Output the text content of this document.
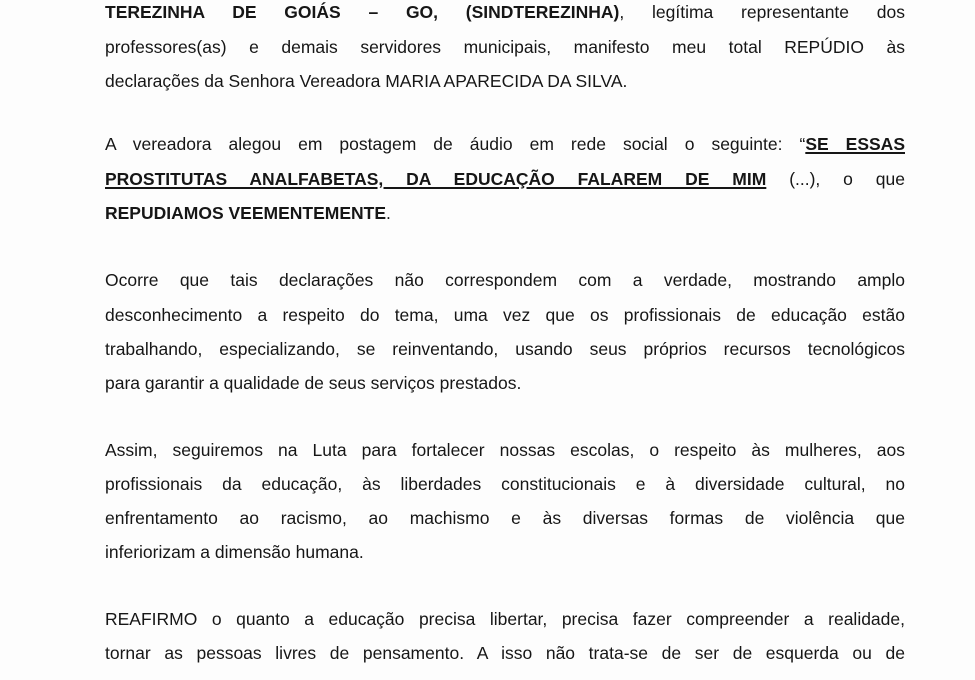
TEREZINHA DE GOIÁS – GO, (SINDTEREZINHA), legítima representante dos
professores(as) e demais servidores municipais, manifesto meu total REPÚDIO às
declarações da Senhora Vereadora MARIA APARECIDA DA SILVA.
A vereadora alegou em postagem de áudio em rede social o seguinte: “SE ESSAS
PROSTITUTAS ANALFABETAS, DA EDUCAÇÃO FALAREM DE MIM (...), o que
REPUDIAMOS VEEMENTEMENTE.
Ocorre que tais declarações não correspondem com a verdade, mostrando amplo
desconhecimento a respeito do tema, uma vez que os profissionais de educação estão
trabalhando, especializando, se reinventando, usando seus próprios recursos tecnológicos
para garantir a qualidade de seus serviços prestados.
Assim, seguiremos na Luta para fortalecer nossas escolas, o respeito às mulheres, aos
profissionais da educação, às liberdades constitucionais e à diversidade cultural, no
enfrentamento ao racismo, ao machismo e às diversas formas de violência que
inferiorizam a dimensão humana.
REAFIRMO o quanto a educação precisa libertar, precisa fazer compreender a realidade,
tornar as pessoas livres de pensamento. A isso não trata-se de ser de esquerda ou de
